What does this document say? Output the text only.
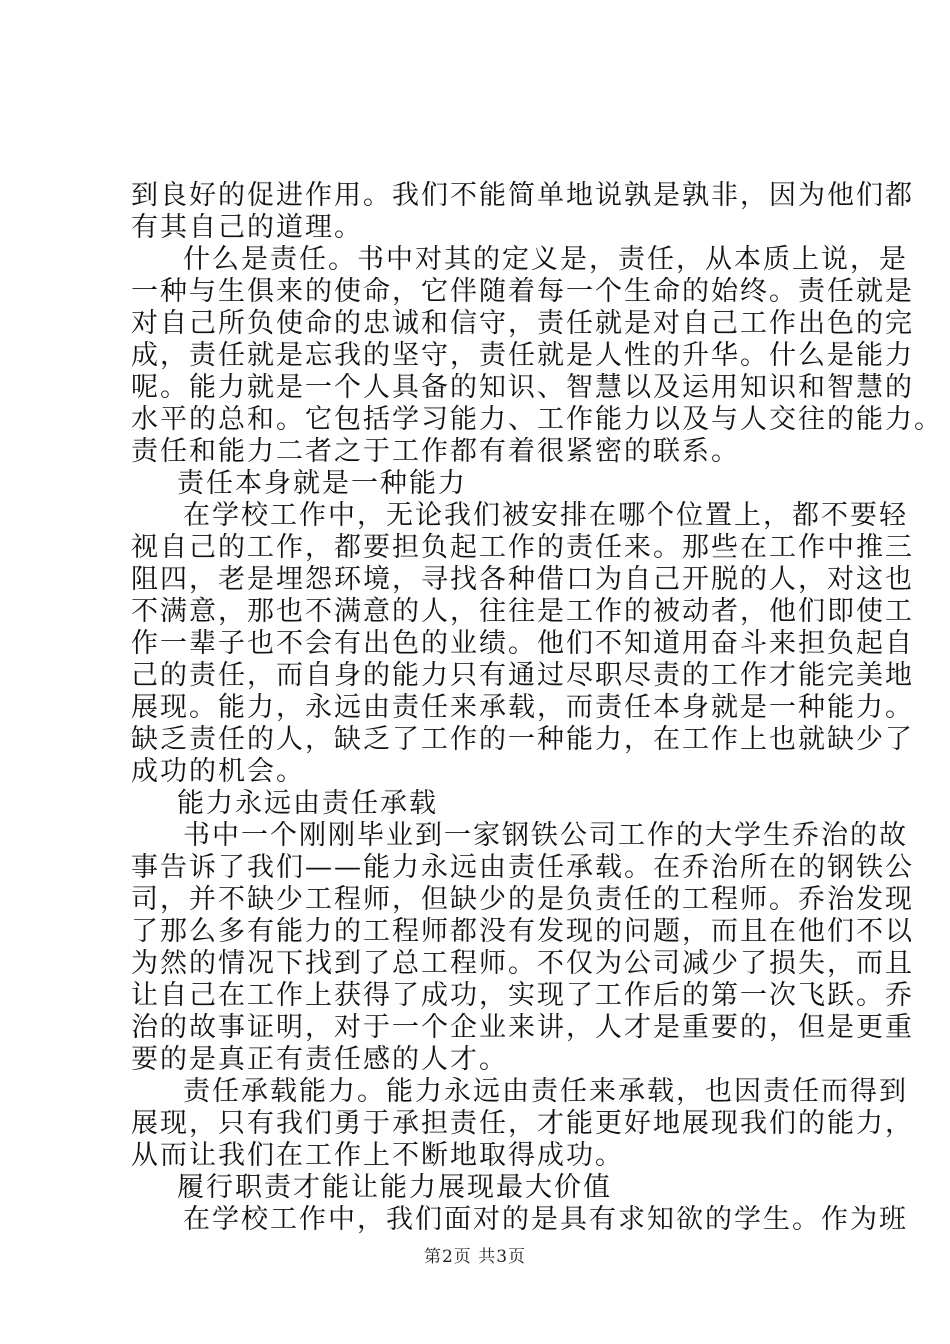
到良好的促进作用。我们不能简单地说孰是孰非，因为他们都
有其自己的道理。
什么是责任。书中对其的定义是，责任，从本质上说，是
一种与生俱来的使命，它伴随着每一个生命的始终。责任就是
对自己所负使命的忠诚和信守，责任就是对自己工作出色的完
成，责任就是忘我的坚守，责任就是人性的升华。什么是能力
呢。能力就是一个人具备的知识、智慧以及运用知识和智慧的
水平的总和。它包括学习能力、工作能力以及与人交往的能力。
责任和能力二者之于工作都有着很紧密的联系。
责任本身就是一种能力
在学校工作中，无论我们被安排在哪个位置上，都不要轻
视自己的工作，都要担负起工作的责任来。那些在工作中推三
阻四，老是埋怨环境，寻找各种借口为自己开脱的人，对这也
不满意，那也不满意的人，往往是工作的被动者，他们即使工
作一辈子也不会有出色的业绩。他们不知道用奋斗来担负起自
己的责任，而自身的能力只有通过尽职尽责的工作才能完美地
展现。能力，永远由责任来承载，而责任本身就是一种能力。
缺乏责任的人，缺乏了工作的一种能力，在工作上也就缺少了
成功的机会。
能力永远由责任承载
书中一个刚刚毕业到一家钢铁公司工作的大学生乔治的故
事告诉了我们——能力永远由责任承载。在乔治所在的钢铁公
司，并不缺少工程师，但缺少的是负责任的工程师。乔治发现
了那么多有能力的工程师都没有发现的问题，而且在他们不以
为然的情况下找到了总工程师。不仅为公司减少了损失，而且
让自己在工作上获得了成功，实现了工作后的第一次飞跃。乔
治的故事证明，对于一个企业来讲，人才是重要的，但是更重
要的是真正有责任感的人才。
责任承载能力。能力永远由责任来承载，也因责任而得到
展现，只有我们勇于承担责任，才能更好地展现我们的能力，
从而让我们在工作上不断地取得成功。
履行职责才能让能力展现最大价值
在学校工作中，我们面对的是具有求知欲的学生。作为班
第2页 共3页
